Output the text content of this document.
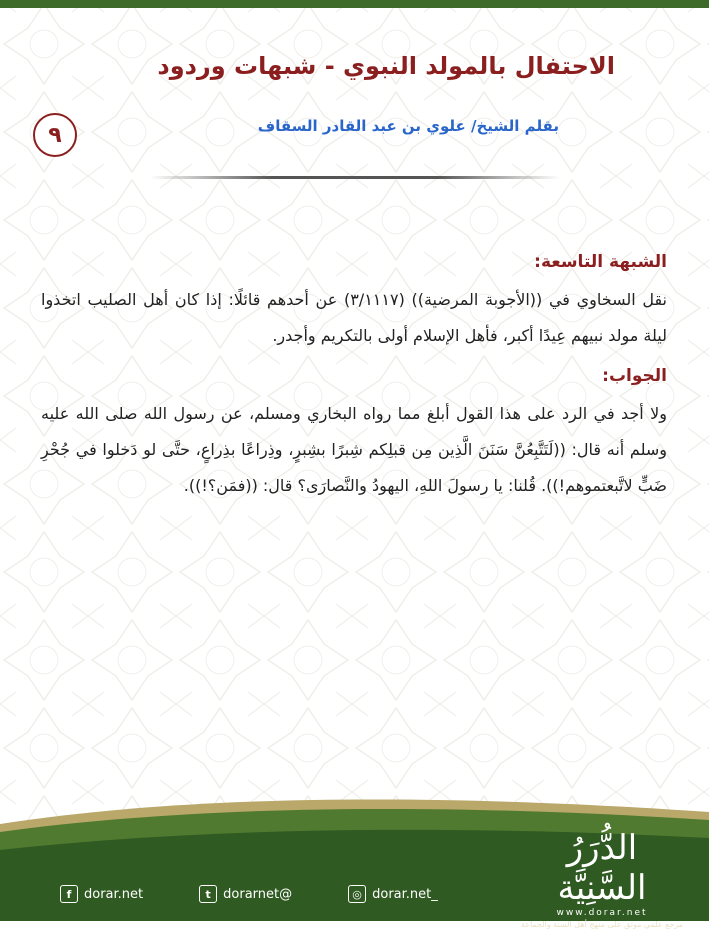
الاحتفال بالمولد النبوي - شبهات وردود
بقلم الشيخ/ علوي بن عبد القادر السقاف
٩

الشبهة التاسعة:

نقل السخاوي في ((الأجوبة المرضية)) (٣/١١١٧) عن أحدهم قائلًا: إذا كان أهل الصليب اتخذوا ليلة مولد نبيهم عِيدًا أكبر، فأهل الإسلام أولى بالتكريم وأجدر.

الجواب:

ولا أجد في الرد على هذا القول أبلغ مما رواه البخاري ومسلم، عن رسول الله صلى الله عليه وسلم أنه قال: ((لَتَتَّبِعُنَّ سَنَنَ الَّذِين مِن قبلِكم شِبرًا بشِبرٍ، وذِراعًا بذِراعٍ، حتَّى لو دَخلوا في جُحْرِ ضَبٍّ لاتَّبعتموهم!)). قُلنا: يا رسولَ اللهِ، اليهودُ والنَّصارَى؟ قال: ((فمَن؟!)).

f dorar.net	t dorarnet@	◎ dorar.net_
الدُّرَرُ السَّنِيَّة
www.dorar.net
مرجع علمي موثق على منهج أهل السنة والجماعة
